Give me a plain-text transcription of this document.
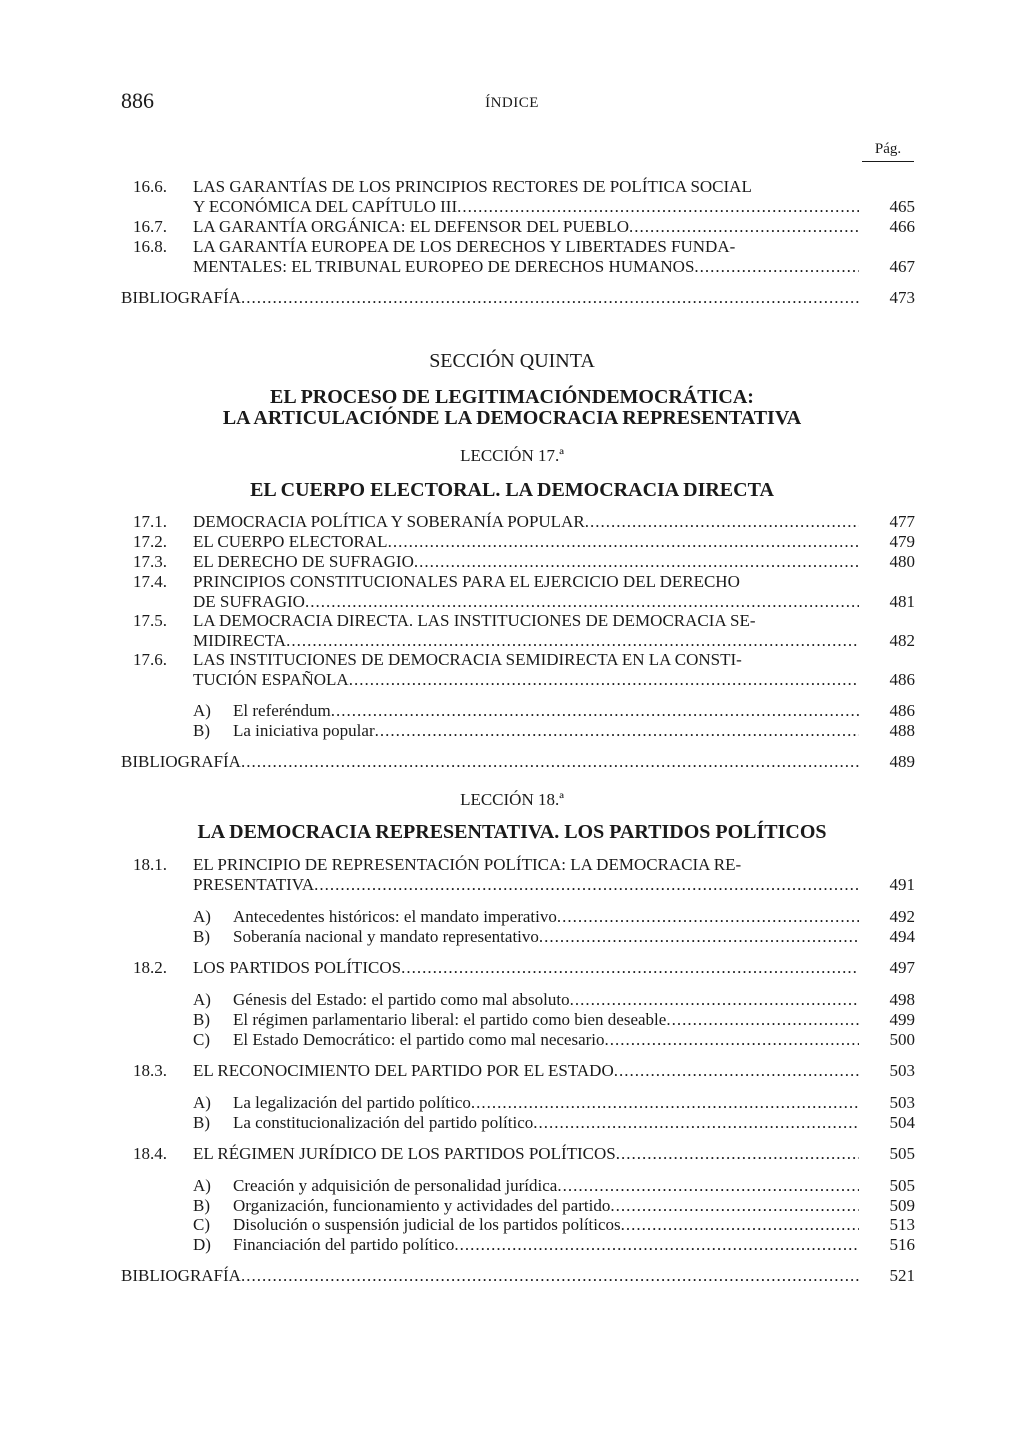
886	ÍNDICE
Pág.
16.6. LAS GARANTÍAS DE LOS PRINCIPIOS RECTORES DE POLÍTICA SOCIAL
Y ECONÓMICA DEL CAPÍTULO III .....	465
16.7. LA GARANTÍA ORGÁNICA: EL DEFENSOR DEL PUEBLO .....	466
16.8. LA GARANTÍA EUROPEA DE LOS DERECHOS Y LIBERTADES FUNDA-
MENTALES: EL TRIBUNAL EUROPEO DE DERECHOS HUMANOS .....	467
BIBLIOGRAFÍA .....	473
SECCIÓN QUINTA
EL PROCESO DE LEGITIMACIÓNDEMOCRÁTICA:
LA ARTICULACIÓNDE LA DEMOCRACIA REPRESENTATIVA
LECCIÓN 17.ª
EL CUERPO ELECTORAL. LA DEMOCRACIA DIRECTA
17.1. DEMOCRACIA POLÍTICA Y SOBERANÍA POPULAR .....	477
17.2. EL CUERPO ELECTORAL .....	479
17.3. EL DERECHO DE SUFRAGIO .....	480
17.4. PRINCIPIOS CONSTITUCIONALES PARA EL EJERCICIO DEL DERECHO
DE SUFRAGIO .....	481
17.5. LA DEMOCRACIA DIRECTA. LAS INSTITUCIONES DE DEMOCRACIA SE-
MIDIRECTA .....	482
17.6. LAS INSTITUCIONES DE DEMOCRACIA SEMIDIRECTA EN LA CONSTI-
TUCIÓN ESPAÑOLA .....	486
A) El referéndum .....	486
B) La iniciativa popular .....	488
BIBLIOGRAFÍA .....	489
LECCIÓN 18.ª
LA DEMOCRACIA REPRESENTATIVA. LOS PARTIDOS POLÍTICOS
18.1. EL PRINCIPIO DE REPRESENTACIÓN POLÍTICA: LA DEMOCRACIA RE-
PRESENTATIVA .....	491
A) Antecedentes históricos: el mandato imperativo .....	492
B) Soberanía nacional y mandato representativo .....	494
18.2. LOS PARTIDOS POLÍTICOS .....	497
A) Génesis del Estado: el partido como mal absoluto .....	498
B) El régimen parlamentario liberal: el partido como bien deseable .....	499
C) El Estado Democrático: el partido como mal necesario .....	500
18.3. EL RECONOCIMIENTO DEL PARTIDO POR EL ESTADO .....	503
A) La legalización del partido político .....	503
B) La constitucionalización del partido político .....	504
18.4. EL RÉGIMEN JURÍDICO DE LOS PARTIDOS POLÍTICOS .....	505
A) Creación y adquisición de personalidad jurídica .....	505
B) Organización, funcionamiento y actividades del partido .....	509
C) Disolución o suspensión judicial de los partidos políticos .....	513
D) Financiación del partido político .....	516
BIBLIOGRAFÍA .....	521
